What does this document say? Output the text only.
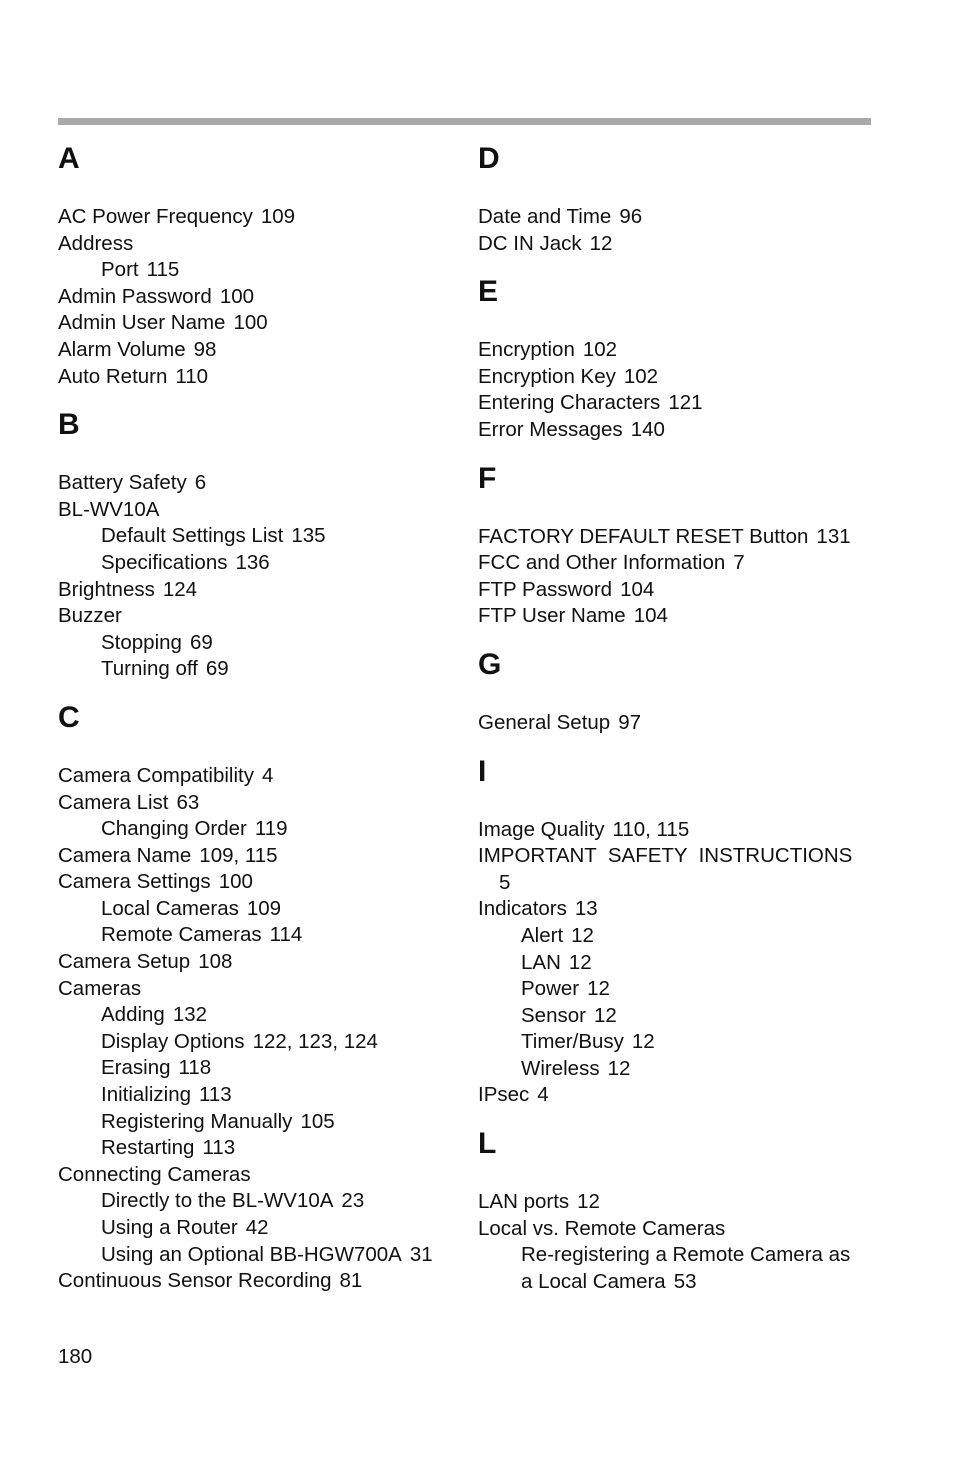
A
AC Power Frequency 109
Address
Port 115
Admin Password 100
Admin User Name 100
Alarm Volume 98
Auto Return 110
B
Battery Safety 6
BL-WV10A
Default Settings List 135
Specifications 136
Brightness 124
Buzzer
Stopping 69
Turning off 69
C
Camera Compatibility 4
Camera List 63
Changing Order 119
Camera Name 109, 115
Camera Settings 100
Local Cameras 109
Remote Cameras 114
Camera Setup 108
Cameras
Adding 132
Display Options 122, 123, 124
Erasing 118
Initializing 113
Registering Manually 105
Restarting 113
Connecting Cameras
Directly to the BL-WV10A 23
Using a Router 42
Using an Optional BB-HGW700A 31
Continuous Sensor Recording 81
D
Date and Time 96
DC IN Jack 12
E
Encryption 102
Encryption Key 102
Entering Characters 121
Error Messages 140
F
FACTORY DEFAULT RESET Button 131
FCC and Other Information 7
FTP Password 104
FTP User Name 104
G
General Setup 97
I
Image Quality 110, 115
IMPORTANT  SAFETY  INSTRUCTIONS
5
Indicators 13
Alert 12
LAN 12
Power 12
Sensor 12
Timer/Busy 12
Wireless 12
IPsec 4
L
LAN ports 12
Local vs. Remote Cameras
Re-registering a Remote Camera as
a Local Camera 53
180
